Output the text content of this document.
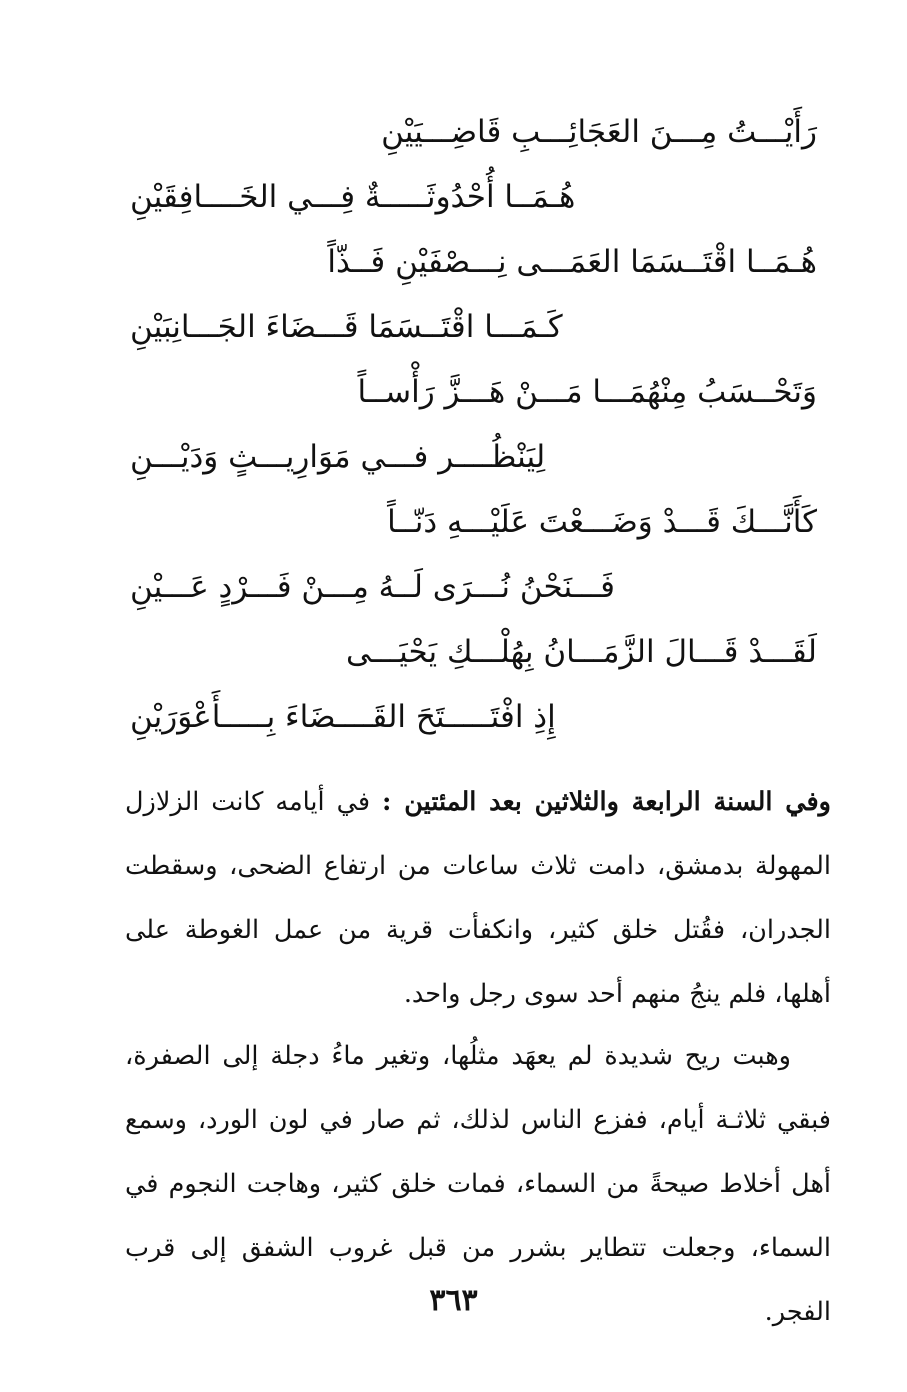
رَأَيْـــتُ مِـــنَ العَجَائِـــبِ قَاضِـــيَيْنِ
هُـمَــا أُحْدُوثَـــــةٌ فِـــي الخَــــافِقَيْنِ
هُـمَــا اقْتَــسَمَا العَمَـــى نِـــصْفَيْنِ فَــذّاً
كَـمَـــا اقْتَــسَمَا قَـــضَاءَ الجَـــانِبَيْنِ
وَتَحْــسَبُ مِنْهُمَـــا مَـــنْ هَـــزَّ رَأْســاً
لِيَنْظُــــر فـــي مَوَارِيـــثٍ وَدَيْـــنِ
كَأَنَّـــكَ قَـــدْ وَضَـــعْتَ عَلَيْـــهِ دَنّــاً
فَـــنَحْنُ نُـــرَى لَــهُ مِـــنْ فَـــرْدٍ عَـــيْنِ
لَقَـــدْ قَـــالَ الزَّمَـــانُ بِهُلْـــكِ يَحْيَـــى
إِذِ افْتَـــــتَحَ القَــــضَاءَ بِـــــأَعْوَرَيْنِ

وفي السنة الرابعة والثلاثين بعد المئتين : في أيامه كانت الزلازل المهولة بدمشق، دامت ثلاث ساعات من ارتفاع الضحى، وسقطت الجدران، فقُتل خلق كثير، وانكفأت قرية من عمل الغوطة على أهلها، فلم ينجُ منهم أحد سوى رجل واحد.

وهبت ريح شديدة لم يعهَد مثلُها، وتغير ماءُ دجلة إلى الصفرة، فبقي ثلاثـة أيام، ففزع الناس لذلك، ثم صار في لون الورد، وسمع أهل أخلاط صيحةً من السماء، فمات خلق كثير، وهاجت النجوم في السماء، وجعلت تتطاير بشرر من قبل غروب الشفق إلى قرب الفجر.

٣٦٣
